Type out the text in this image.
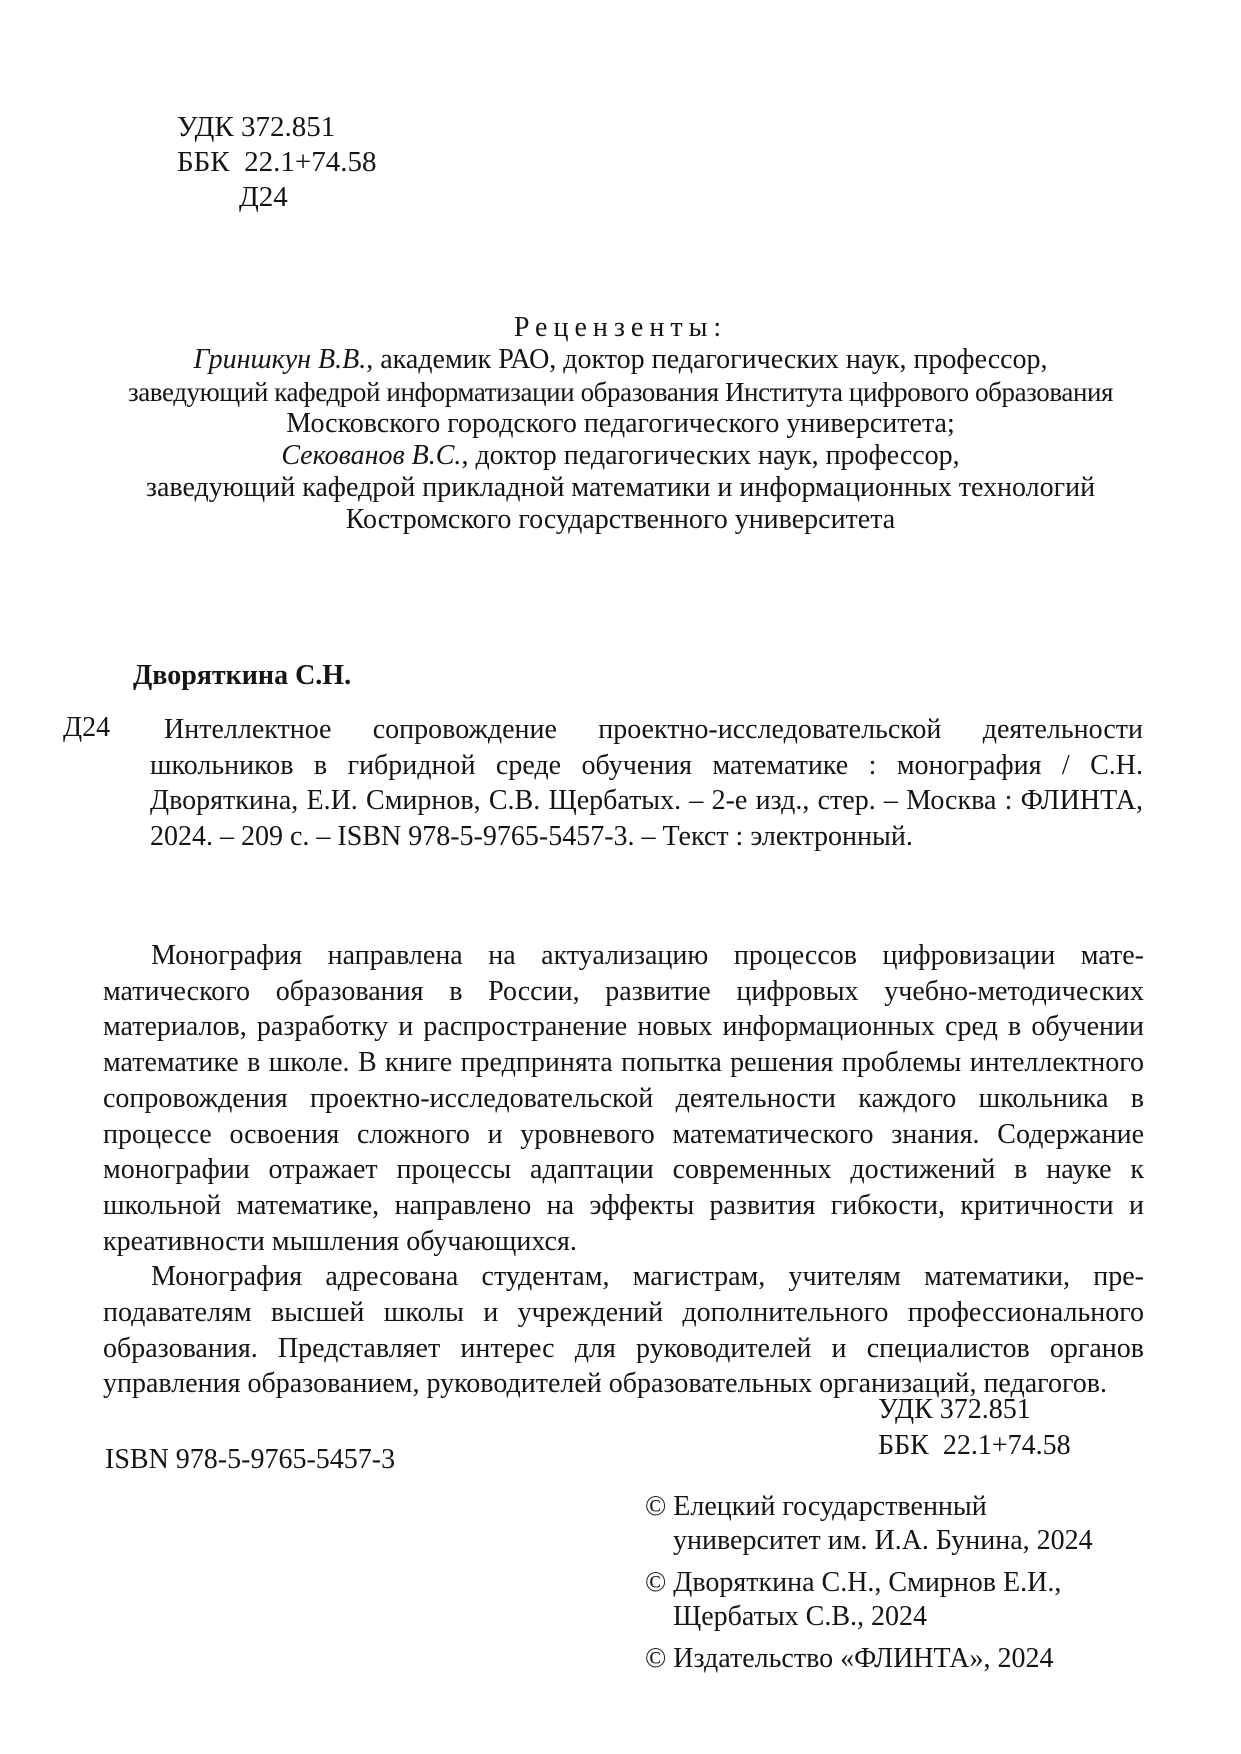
УДК 372.851
ББК  22.1+74.58
Д24
Рецензенты:
Гриншкун В.В., академик РАО, доктор педагогических наук, профессор,
заведующий кафедрой информатизации образования Института цифрового образования
Московского городского педагогического университета;
Секованов В.С., доктор педагогических наук, профессор,
заведующий кафедрой прикладной математики и информационных технологий
Костромского государственного университета
Дворяткина С.Н.
Д24	Интеллектное сопровождение проектно-исследовательской деятельности школьников в гибридной среде обучения математике : монография / С.Н. Дворяткина, Е.И. Смирнов, С.В. Щербатых. – 2-е изд., стер. – Москва : ФЛИНТА, 2024. – 209 с. – ISBN 978-5-9765-5457-3. – Текст : электронный.

Монография направлена на актуализацию процессов цифровизации математического образования в России, развитие цифровых учебно-методических материалов, разработку и распространение новых информационных сред в обучении математике в школе. В книге предпринята попытка решения проблемы интеллектного сопровождения проектно-исследовательской деятельности каждого школьника в процессе освоения сложного и уровневого математического знания. Содержание монографии отражает процессы адаптации современных достижений в науке к школьной математике, направлено на эффекты развития гибкости, критичности и креативности мышления обучающихся.

Монография адресована студентам, магистрам, учителям математики, преподавателям высшей школы и учреждений дополнительного профессионального образования. Представляет интерес для руководителей и специалистов органов управления образованием, руководителей образовательных организаций, педагогов.

УДК 372.851
ББК  22.1+74.58
ISBN 978-5-9765-5457-3
© Елецкий государственный
университет им. И.А. Бунина, 2024
© Дворяткина С.Н., Смирнов Е.И.,
Щербатых С.В., 2024
© Издательство «ФЛИНТА», 2024
